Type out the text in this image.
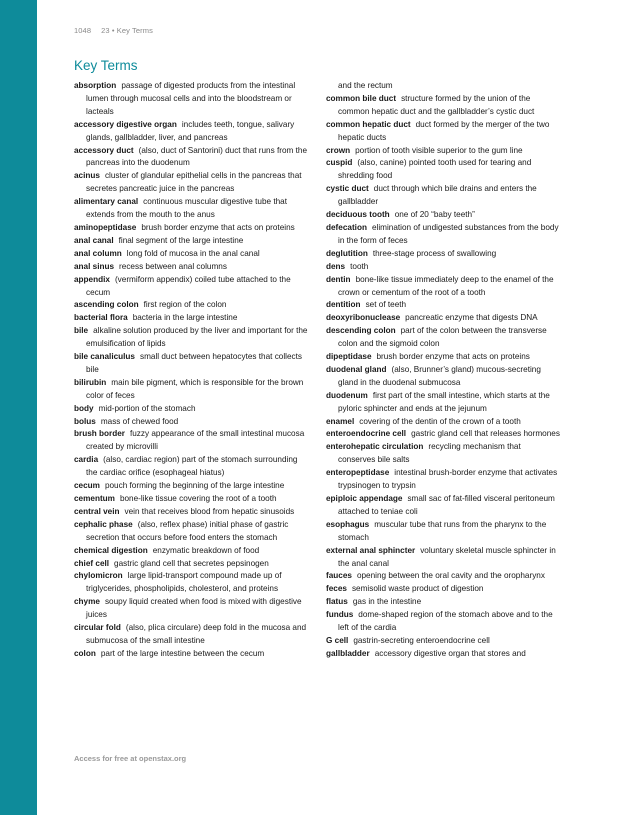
1048 23 • Key Terms
Key Terms

absorption passage of digested products from the intestinal lumen through mucosal cells and into the bloodstream or lacteals

accessory digestive organ includes teeth, tongue, salivary glands, gallbladder, liver, and pancreas

accessory duct (also, duct of Santorini) duct that runs from the pancreas into the duodenum

acinus cluster of glandular epithelial cells in the pancreas that secretes pancreatic juice in the pancreas

alimentary canal continuous muscular digestive tube that extends from the mouth to the anus

aminopeptidase brush border enzyme that acts on proteins

anal canal final segment of the large intestine

anal column long fold of mucosa in the anal canal

anal sinus recess between anal columns

appendix (vermiform appendix) coiled tube attached to the cecum

ascending colon first region of the colon

bacterial flora bacteria in the large intestine

bile alkaline solution produced by the liver and important for the emulsification of lipids

bile canaliculus small duct between hepatocytes that collects bile

bilirubin main bile pigment, which is responsible for the brown color of feces

body mid-portion of the stomach

bolus mass of chewed food

brush border fuzzy appearance of the small intestinal mucosa created by microvilli

cardia (also, cardiac region) part of the stomach surrounding the cardiac orifice (esophageal hiatus)

cecum pouch forming the beginning of the large intestine

cementum bone-like tissue covering the root of a tooth

central vein vein that receives blood from hepatic sinusoids

cephalic phase (also, reflex phase) initial phase of gastric secretion that occurs before food enters the stomach

chemical digestion enzymatic breakdown of food

chief cell gastric gland cell that secretes pepsinogen

chylomicron large lipid-transport compound made up of triglycerides, phospholipids, cholesterol, and proteins

chyme soupy liquid created when food is mixed with digestive juices

circular fold (also, plica circulare) deep fold in the mucosa and submucosa of the small intestine

colon part of the large intestine between the cecum

and the rectum

common bile duct structure formed by the union of the common hepatic duct and the gallbladder’s cystic duct

common hepatic duct duct formed by the merger of the two hepatic ducts

crown portion of tooth visible superior to the gum line

cuspid (also, canine) pointed tooth used for tearing and shredding food

cystic duct duct through which bile drains and enters the gallbladder

deciduous tooth one of 20 “baby teeth”

defecation elimination of undigested substances from the body in the form of feces

deglutition three-stage process of swallowing

dens tooth

dentin bone-like tissue immediately deep to the enamel of the crown or cementum of the root of a tooth

dentition set of teeth

deoxyribonuclease pancreatic enzyme that digests DNA

descending colon part of the colon between the transverse colon and the sigmoid colon

dipeptidase brush border enzyme that acts on proteins

duodenal gland (also, Brunner’s gland) mucous-secreting gland in the duodenal submucosa

duodenum first part of the small intestine, which starts at the pyloric sphincter and ends at the jejunum

enamel covering of the dentin of the crown of a tooth

enteroendocrine cell gastric gland cell that releases hormones

enterohepatic circulation recycling mechanism that conserves bile salts

enteropeptidase intestinal brush-border enzyme that activates trypsinogen to trypsin

epiploic appendage small sac of fat-filled visceral peritoneum attached to teniae coli

esophagus muscular tube that runs from the pharynx to the stomach

external anal sphincter voluntary skeletal muscle sphincter in the anal canal

fauces opening between the oral cavity and the oropharynx

feces semisolid waste product of digestion

flatus gas in the intestine

fundus dome-shaped region of the stomach above and to the left of the cardia

G cell gastrin-secreting enteroendocrine cell

gallbladder accessory digestive organ that stores and

Access for free at openstax.org
